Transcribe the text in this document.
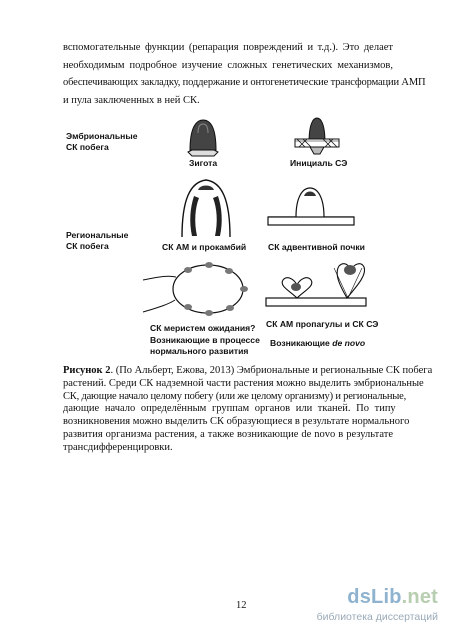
вспомогательные функции (репарация повреждений и т.д.). Это делает
необходимым подробное изучение сложных генетических механизмов,
обеспечивающих закладку, поддержание и онтогенетические трансформации АМП
и пула заключенных в ней СК.
Эмбриональные
СК побега
Зигота	Инициаль СЭ
Региональные
СК побега	СК АМ и прокамбий	СК адвентивной почки
СК меристем ожидания?
Возникающие в процессе
нормального развития
СК АМ пропагулы и СК СЭ
Возникающие de novo
Рисунок 2. (По Альберт, Ежова, 2013) Эмбриональные и региональные СК побега
растений. Среди СК надземной части растения можно выделить эмбриональные
СК, дающие начало целому побегу (или же целому организму) и региональные,
дающие начало определённым группам органов или тканей. По типу
возникновения можно выделить СК образующиеся в результате нормального
развития организма растения, а также возникающие de novo в результате
трансдифференцировки.
12	dsLib.net
библиотека диссертаций
